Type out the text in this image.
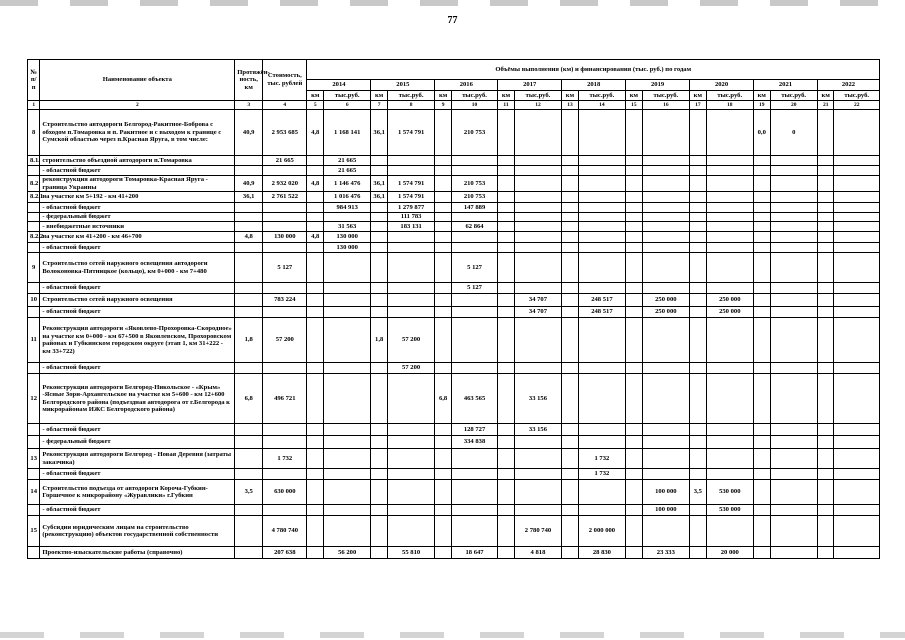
77
№ п/п	Наименование объекта	Протяжён-ность, км	Стоимость, тыс. рублей	Объёмы выполнения (км) и финансирования (тыс. руб.) по годам																	
				2014		2015		2016		2017		2018		2019		2020		2021		2022	
				км	тыс.руб.	км	тыс.руб.	км	тыс.руб.	км	тыс.руб.	км	тыс.руб.	км	тыс.руб.	км	тыс.руб.	км	тыс.руб.	км	тыс.руб.
1	2	3	4	5	6	7	8	9	10	11	12	13	14	15	16	17	18	19	20	21	22
8	Строительство автодороги Белгород-Ракитное-Боброва с обходом п.Томаровка и п. Ракитное и с выходом к границе с Сумской областью через п.Красная Яруга, в том числе:	40,9	2 953 685	4,8	1 168 141	36,1	1 574 791		210 753									0,0	0		
8.1.	строительство объездной автодороги п.Томаровка		21 665		21 665																
	- областной бюджет				21 665																
8.2	реконструкция автодороги Томаровка-Красная Яруга - граница Украины	40,9	2 932 020	4,8	1 146 476	36,1	1 574 791		210 753												
8.2.1	на участке км 5+192 - км 41+200	36,1	2 761 522		1 016 476	36,1	1 574 791		210 753												
	- областной бюджет				984 913		1 279 877		147 889												
	- федеральный бюджет						111 783														
	- внебюджетные источники				31 563		183 131		62 864												
8.2.2	на участке км 41+200 - км 46+700	4,8	130 000	4,8	130 000																
	- областной бюджет				130 000																
9	Строительство сетей наружного освещения автодороги Волоконовка-Пятницкое (кольцо), км 0+000 - км 7+480		5 127						5 127												
	- областной бюджет								5 127												
10	Строительство сетей наружного освещения		783 224								34 707		248 517		250 000		250 000				
	- областной бюджет										34 707		248 517		250 000		250 000				
11	Реконструкция автодороги «Яковлево-Прохоровка-Скородное» на участке км 0+000 - км 67+500 в Яковлевском, Прохоровском районах и Губкинском городском округе (этап 1, км 31+222 - км 33+722)	1,8	57 200			1,8	57 200														
	- областной бюджет						57 200														
12	Реконструкция автодороги Белгород-Никольское - «Крым» -Ясные Зори-Архангельское на участке км 5+600 - км 12+600 Белгородского района (подъездная автодорога от г.Белгорода к микрорайонам ИЖС Белгородского района)	6,8	496 721					6,8	463 565		33 156										
	- областной бюджет								128 727		33 156										
	- федеральный бюджет								334 838												
13	Реконструкция автодороги Белгород - Новая Деревня (затраты заказчика)		1 732										1 732								
	- областной бюджет												1 732								
14	Строительство подъезда от автодороги Короча-Губкин-Горшечное к микрорайону «Журавлики» г.Губкин	3,5	630 000												100 000	3,5	530 000				
	- областной бюджет														100 000		530 000				
15	Субсидии юридическим лицам на строительство (реконструкцию) объектов государственной собственности		4 780 740								2 780 740		2 000 000								
	Проектно-изыскательские работы (справочно)		207 638		56 200		55 810		18 647		4 818		28 830		23 333		20 000				
